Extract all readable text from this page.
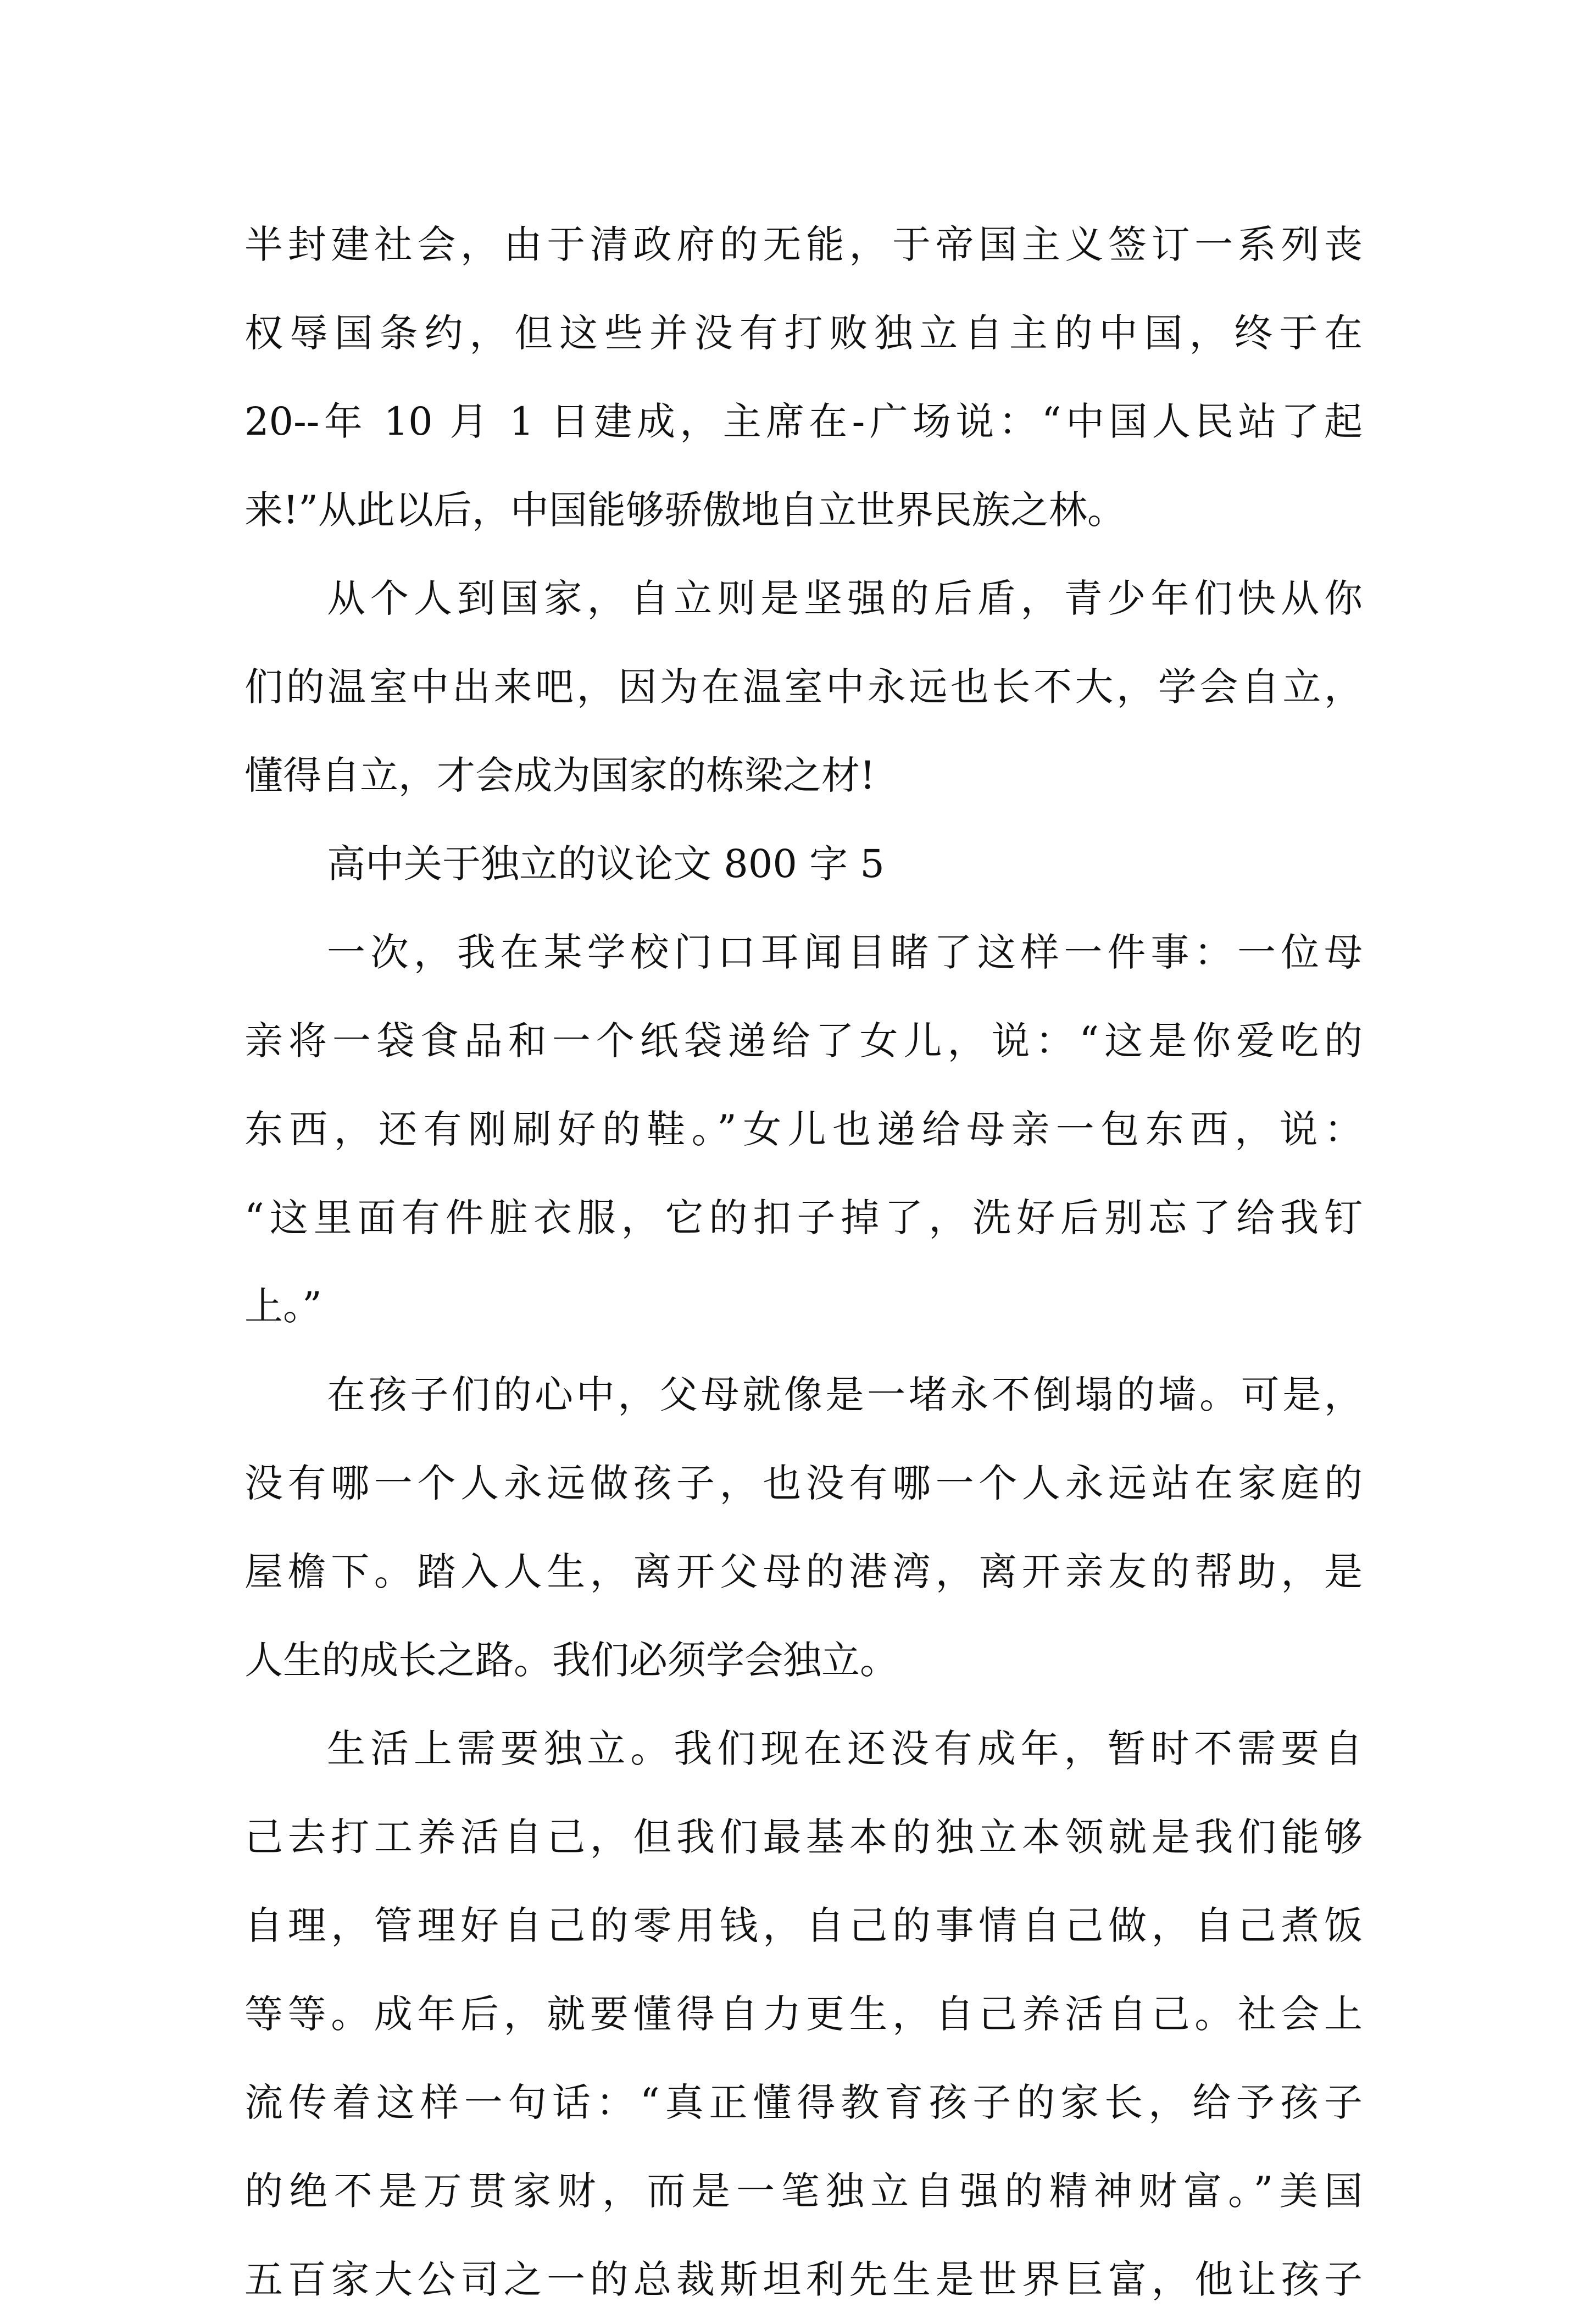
半封建社会，由于清政府的无能，于帝国主义签订一系列丧
权辱国条约，但这些并没有打败独立自主的中国，终于在
20--年 10 月 1 日建成，主席在-广场说：“中国人民站了起
来!”从此以后，中国能够骄傲地自立世界民族之林。
从个人到国家，自立则是坚强的后盾，青少年们快从你
们的温室中出来吧，因为在温室中永远也长不大，学会自立，
懂得自立，才会成为国家的栋梁之材!
高中关于独立的议论文 800 字 5
一次，我在某学校门口耳闻目睹了这样一件事：一位母
亲将一袋食品和一个纸袋递给了女儿，说：“这是你爱吃的
东西，还有刚刷好的鞋。”女儿也递给母亲一包东西，说：
“这里面有件脏衣服，它的扣子掉了，洗好后别忘了给我钉
上。”
在孩子们的心中，父母就像是一堵永不倒塌的墙。可是，
没有哪一个人永远做孩子，也没有哪一个人永远站在家庭的
屋檐下。踏入人生，离开父母的港湾，离开亲友的帮助，是
人生的成长之路。我们必须学会独立。
生活上需要独立。我们现在还没有成年，暂时不需要自
己去打工养活自己，但我们最基本的独立本领就是我们能够
自理，管理好自己的零用钱，自己的事情自己做，自己煮饭
等等。成年后，就要懂得自力更生，自己养活自己。社会上
流传着这样一句话：“真正懂得教育孩子的家长，给予孩子
的绝不是万贯家财，而是一笔独立自强的精神财富。”美国
五百家大公司之一的总裁斯坦利先生是世界巨富，他让孩子
